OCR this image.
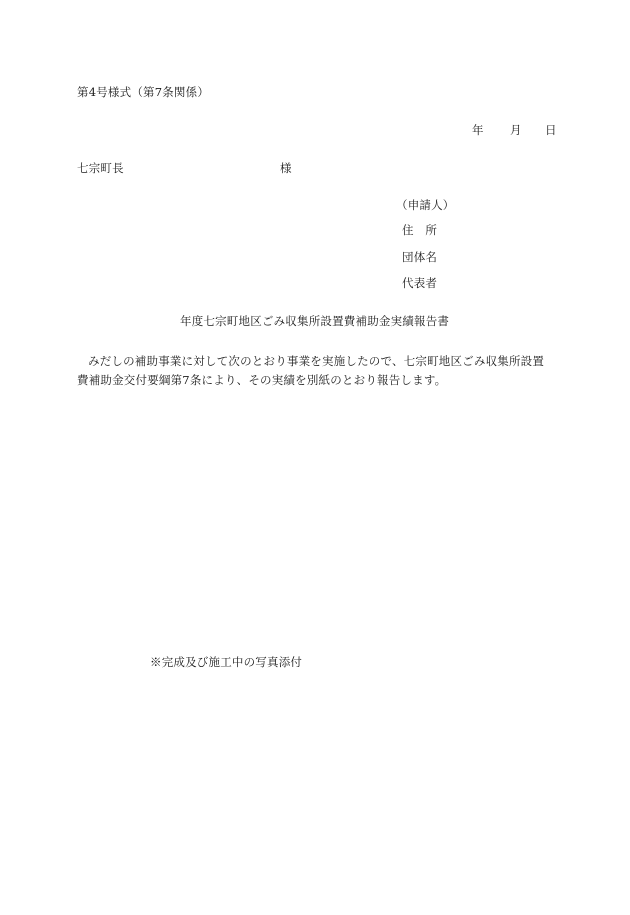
第4号様式（第7条関係）
年 月 日
七宗町長	様
（申請人）
住　所
団体名
代表者
年度七宗町地区ごみ収集所設置費補助金実績報告書
みだしの補助事業に対して次のとおり事業を実施したので、七宗町地区ごみ収集所設置
費補助金交付要綱第7条により、その実績を別紙のとおり報告します。
※完成及び施工中の写真添付
